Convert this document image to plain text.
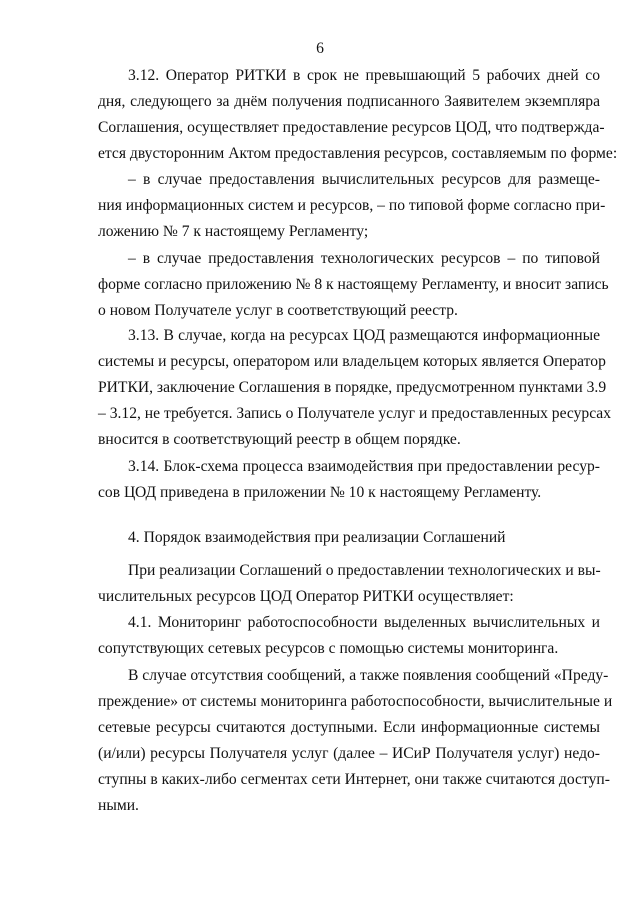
6
3.12. Оператор РИТКИ в срок не превышающий 5 рабочих дней со
дня, следующего за днём получения подписанного Заявителем экземпляра
Соглашения, осуществляет предоставление ресурсов ЦОД, что подтвержда-
ется двусторонним Актом предоставления ресурсов, составляемым по форме:
– в случае предоставления вычислительных ресурсов для размеще-
ния информационных систем и ресурсов, – по типовой форме согласно при-
ложению № 7 к настоящему Регламенту;
– в случае предоставления технологических ресурсов – по типовой
форме согласно приложению № 8 к настоящему Регламенту, и вносит запись
о новом Получателе услуг в соответствующий реестр.
3.13. В случае, когда на ресурсах ЦОД размещаются информационные
системы и ресурсы, оператором или владельцем которых является Оператор
РИТКИ, заключение Соглашения в порядке, предусмотренном пунктами 3.9
– 3.12, не требуется. Запись о Получателе услуг и предоставленных ресурсах
вносится в соответствующий реестр в общем порядке.
3.14. Блок-схема процесса взаимодействия при предоставлении ресур-
сов ЦОД приведена в приложении № 10 к настоящему Регламенту.
4. Порядок взаимодействия при реализации Соглашений
При реализации Соглашений о предоставлении технологических и вы-
числительных ресурсов ЦОД Оператор РИТКИ осуществляет:
4.1. Мониторинг работоспособности выделенных вычислительных и
сопутствующих сетевых ресурсов с помощью системы мониторинга.
В случае отсутствия сообщений, а также появления сообщений «Преду-
преждение» от системы мониторинга работоспособности, вычислительные и
сетевые ресурсы считаются доступными. Если информационные системы
(и/или) ресурсы Получателя услуг (далее – ИСиР Получателя услуг) недо-
ступны в каких-либо сегментах сети Интернет, они также считаются доступ-
ными.
